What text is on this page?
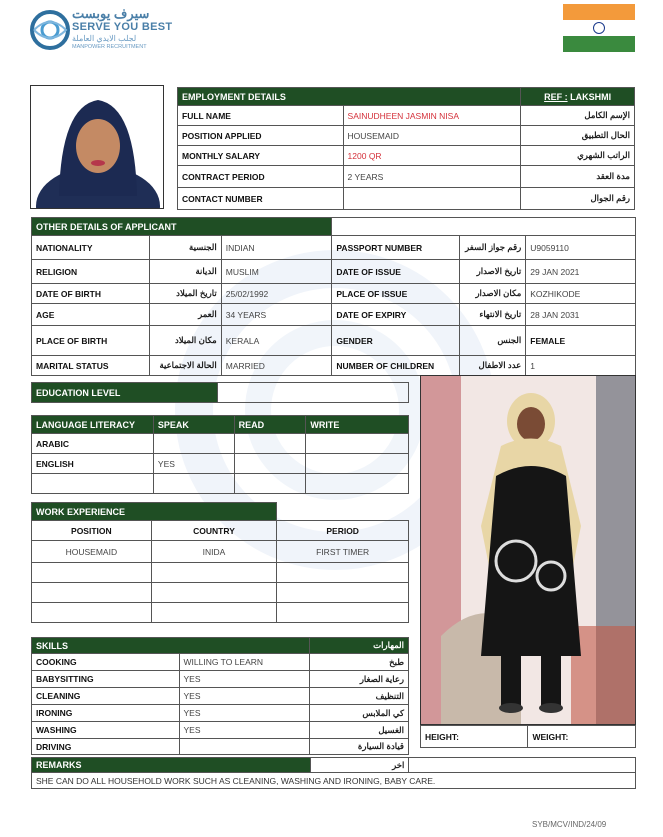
سيرف يوبست
SERVE YOU BEST
لجلب الايدي العاملة
MANPOWER RECRUITMENT
EMPLOYMENT DETAILS		REF : LAKSHMI
FULL NAME	SAINUDHEEN JASMIN NISA	الإسم الكامل
POSITION APPLIED	HOUSEMAID	الحال التطبيق
MONTHLY SALARY	1200 QR	الراتب الشهري
CONTRACT PERIOD	2 YEARS	مدة العقد
CONTACT NUMBER		رقم الجوال
OTHER DETAILS OF APPLICANT					
NATIONALITY	الجنسية	INDIAN	PASSPORT NUMBER	رقم جواز السفر	U9059110
RELIGION	الديانة	MUSLIM	DATE OF ISSUE	تاريخ الاصدار	29 JAN 2021
DATE OF BIRTH	تاريخ الميلاد	25/02/1992	PLACE OF ISSUE	مكان الاصدار	KOZHIKODE
AGE	العمر	34 YEARS	DATE OF EXPIRY	تاريخ الانتهاء	28 JAN 2031
PLACE OF BIRTH	مكان الميلاد	KERALA	GENDER	الجنس	FEMALE
MARITAL STATUS	الحالة الاجتماعية	MARRIED	NUMBER OF CHILDREN	عدد الاطفال	1
EDUCATION LEVEL	
LANGUAGE LITERACY	SPEAK	READ	WRITE
ARABIC			
ENGLISH	YES		

WORK EXPERIENCE		
POSITION	COUNTRY	PERIOD
HOUSEMAID	INIDA	FIRST TIMER

HEIGHT:	WEIGHT:
SKILLS		المهارات
COOKING	WILLING TO LEARN	طبخ
BABYSITTING	YES	رعاية الصغار
CLEANING	YES	التنظيف
IRONING	YES	كي الملابس
WASHING	YES	الغسيل
DRIVING		قيادة السيارة
REMARKS	اخر	
SHE CAN DO ALL HOUSEHOLD WORK SUCH AS CLEANING, WASHING AND IRONING, BABY CARE.
SYB/MCV/IND/24/09
